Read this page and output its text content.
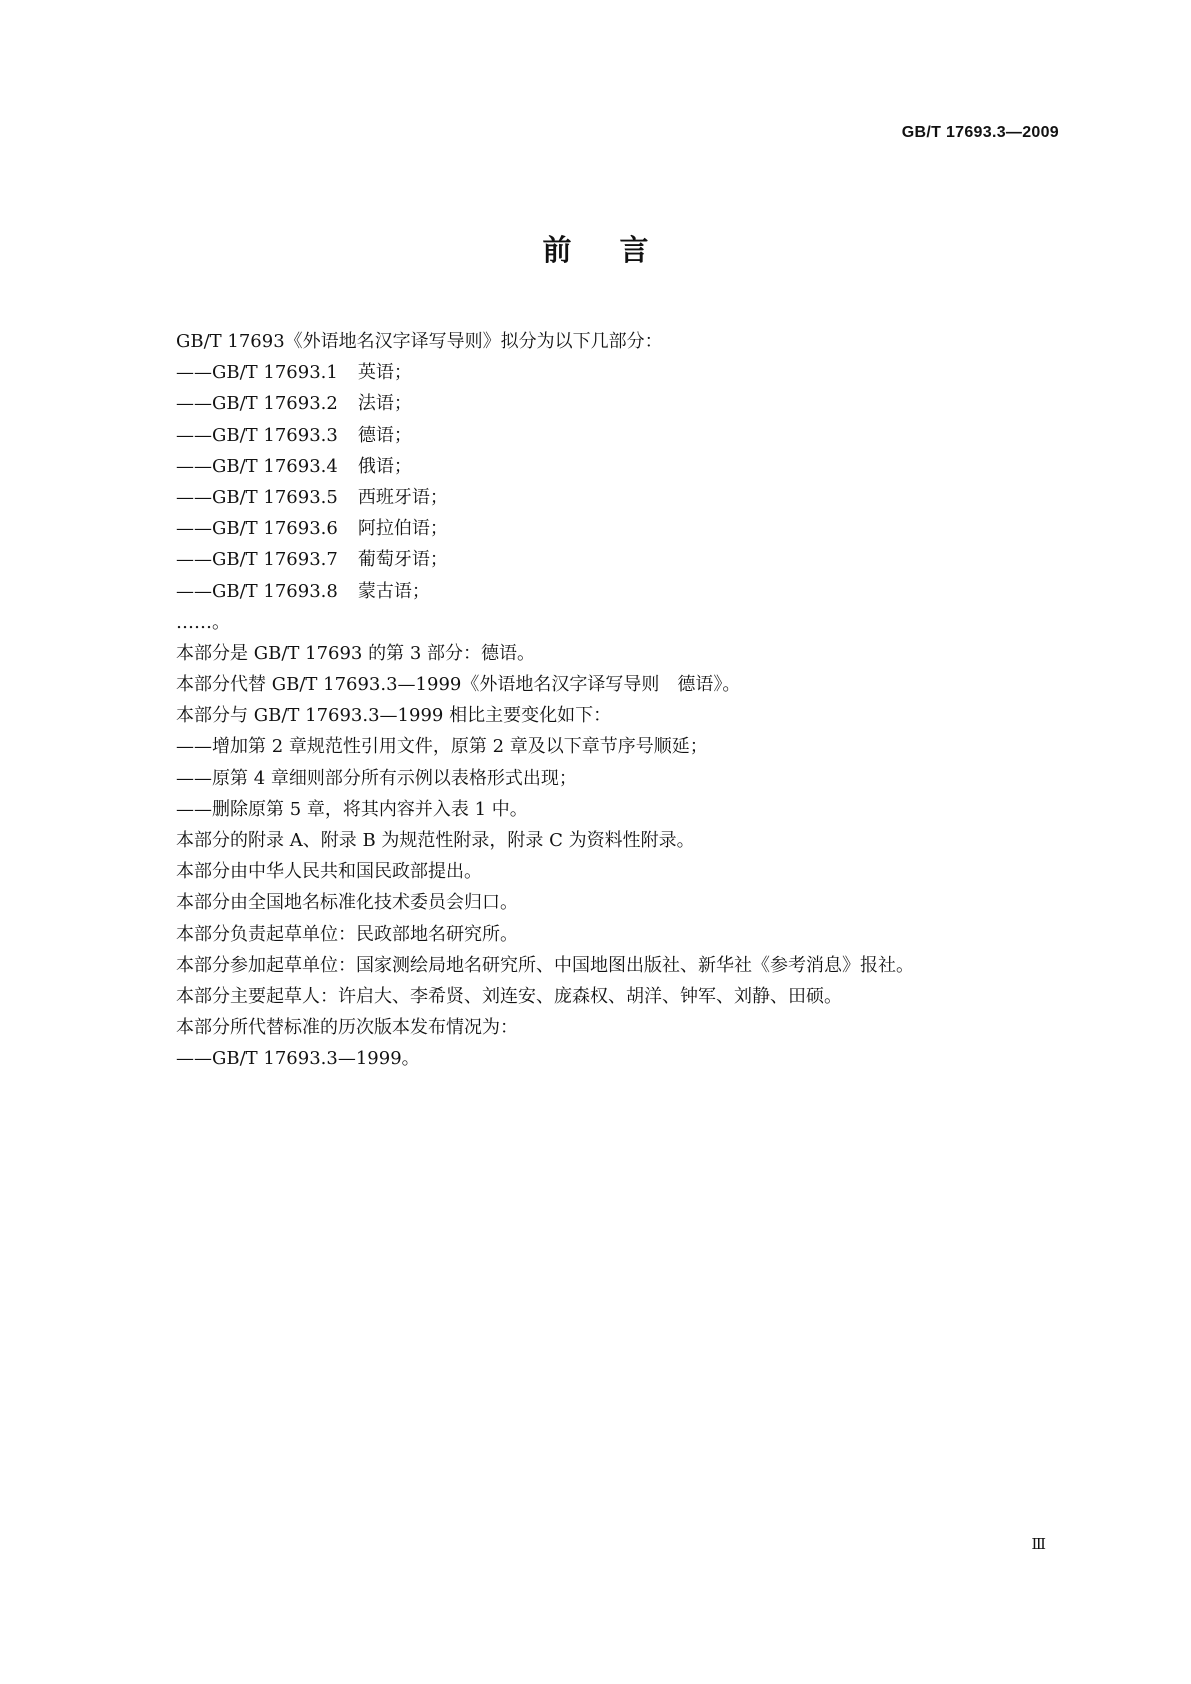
GB/T 17693.3—2009
前言
GB/T 17693《外语地名汉字译写导则》拟分为以下几部分：
——GB/T 17693.1 英语；
——GB/T 17693.2 法语；
——GB/T 17693.3 德语；
——GB/T 17693.4 俄语；
——GB/T 17693.5 西班牙语；
——GB/T 17693.6 阿拉伯语；
——GB/T 17693.7 葡萄牙语；
——GB/T 17693.8 蒙古语；
……。
本部分是 GB/T 17693 的第 3 部分：德语。
本部分代替 GB/T 17693.3—1999《外语地名汉字译写导则　德语》。
本部分与 GB/T 17693.3—1999 相比主要变化如下：
——增加第 2 章规范性引用文件，原第 2 章及以下章节序号顺延；
——原第 4 章细则部分所有示例以表格形式出现；
——删除原第 5 章，将其内容并入表 1 中。
本部分的附录 A、附录 B 为规范性附录，附录 C 为资料性附录。
本部分由中华人民共和国民政部提出。
本部分由全国地名标准化技术委员会归口。
本部分负责起草单位：民政部地名研究所。
本部分参加起草单位：国家测绘局地名研究所、中国地图出版社、新华社《参考消息》报社。
本部分主要起草人：许启大、李希贤、刘连安、庞森权、胡洋、钟军、刘静、田硕。
本部分所代替标准的历次版本发布情况为：
——GB/T 17693.3—1999。
Ⅲ
